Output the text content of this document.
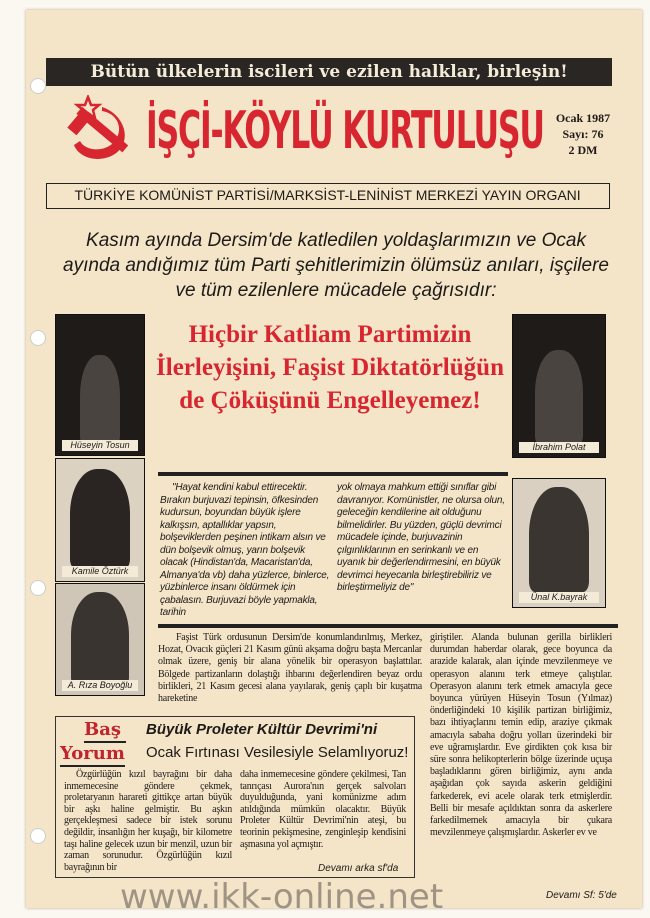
Bütün ülkelerin iscileri ve ezilen halklar, birleşin!
İŞÇİ-KÖYLÜ KURTULUŞU	Ocak 1987
Sayı: 76
2 DM
TÜRKİYE KOMÜNİST PARTİSİ/MARKSİST-LENİNİST MERKEZİ YAYIN ORGANI
Kasım ayında Dersim'de katledilen yoldaşlarımızın ve Ocak ayında andığımız tüm Parti şehitlerimizin ölümsüz anıları, işçilere ve tüm ezilenlere mücadele çağrısıdır:
Hüseyin Tosun
Kamile Öztürk
A. Rıza Boyoğlu
İbrahim Polat
Ünal K.bayrak
Hiçbir Katliam Partimizin İlerleyişini, Faşist Diktatörlüğün de Çöküşünü Engelleyemez!
"Hayat kendini kabul ettirecektir. Bırakın burjuvazi tepinsin, öfkesinden kudursun, boyundan büyük işlere kalkışsın, aptallıklar yapsın, bolşeviklerden peşinen intikam alsın ve dün bolşevik olmuş, yarın bolşevik olacak (Hindistan'da, Macaristan'da, Almanya'da vb) daha yüzlerce, binlerce, yüzbinlerce insanı öldürmek için çabalasın. Burjuvazi böyle yapmakla, tarihin
yok olmaya mahkum ettiği sınıflar gibi davranıyor. Komünistler, ne olursa olun, geleceğin kendilerine ait olduğunu bilmelidirler. Bu yüzden, güçlü devrimci mücadele içinde, burjuvazinin çılgınlıklarının en serinkanlı ve en uyanık bir değerlendirmesini, en büyük devrimci heyecanla birleştirebiliriz ve birleştirmeliyiz de"
Faşist Türk ordusunun Dersim'de konumlandırılmış, Merkez, Hozat, Ovacık güçleri 21 Kasım günü akşama doğru başta Mercanlar olmak üzere, geniş bir alana yönelik bir operasyon başlattılar. Bölgede partizanların dolaştığı ihbarını değerlendiren beyaz ordu birlikleri, 21 Kasım gecesi alana yayılarak, geniş çaplı bir kuşatma hareketine
giriştiler. Alanda bulunan gerilla birlikleri durumdan haberdar olarak, gece boyunca da arazide kalarak, alan içinde mevzilenmeye ve operasyon alanını terk etmeye çalıştılar. Operasyon alanını terk etmek amacıyla gece boyunca yürüyen Hüseyin Tosun (Yılmaz) önderliğindeki 10 kişilik partizan birliğimiz, bazı ihtiyaçlarını temin edip, araziye çıkmak amacıyla sabaha doğru yolları üzerindeki bir eve uğramışlardır. Eve girdikten çok kısa bir süre sonra helikopterlerin bölge üzerinde uçuşa başladıklarını gören birliğimiz, aynı anda aşağıdan çok sayıda askerin geldiğini farkederek, evi acele olarak terk etmişlerdir. Belli bir mesafe açıldıktan sonra da askerlere farkedilmemek amacıyla bir çukara mevzilenmeye çalışmışlardır. Askerler ev ve
Devamı Sf: 5'de
Baş
Yorum
Büyük Proleter Kültür Devrimi'ni
Ocak Fırtınası Vesilesiyle Selamlıyoruz!
Özgürlüğün kızıl bayrağını bir daha inmemecesine göndere çekmek, proletaryanın harareti gittikçe artan büyük bir aşkı haline gelmiştir. Bu aşkın gerçekleşmesi sadece bir istek sorunu değildir, insanlığın her kuşağı, bir kilometre taşı haline gelecek uzun bir menzil, uzun bir zaman sorunudur. Özgürlüğün kızıl bayrağının bir
daha inmemecesine göndere çekilmesi, Tan tanrıçası Aurora'nın gerçek salvoları duyulduğunda, yani komünizme adım atıldığında mümkün olacaktır. Büyük Proleter Kültür Devrimi'nin ateşi, bu teorinin pekişmesine, zenginleşip kendisini aşmasına yol açmıştır.
Devamı arka sf'da
www.ikk-online.net
